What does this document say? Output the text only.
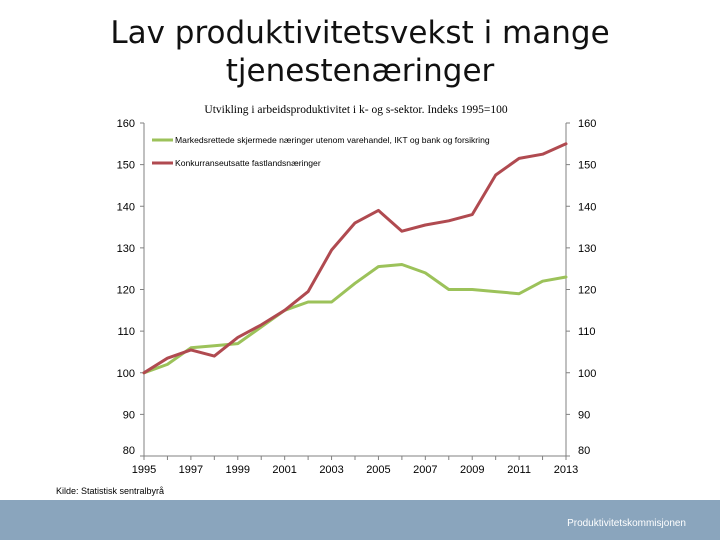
Lav produktivitetsvekst i mange
tjenestenæringer
80	80
90	90
100	100
110	110
120	120
130	130
140	140
150	150
160	160
1995 1997 1999 2001 2003 2005 2007 2009 2011 2013
Utvikling i arbeidsproduktivitet i k- og s-sektor. Indeks 1995=100
Markedsrettede skjermede næringer utenom varehandel, IKT og bank og forsikring
Konkurranseutsatte fastlandsnæringer
Kilde: Statistisk sentralbyrå
Produktivitetskommisjonen
